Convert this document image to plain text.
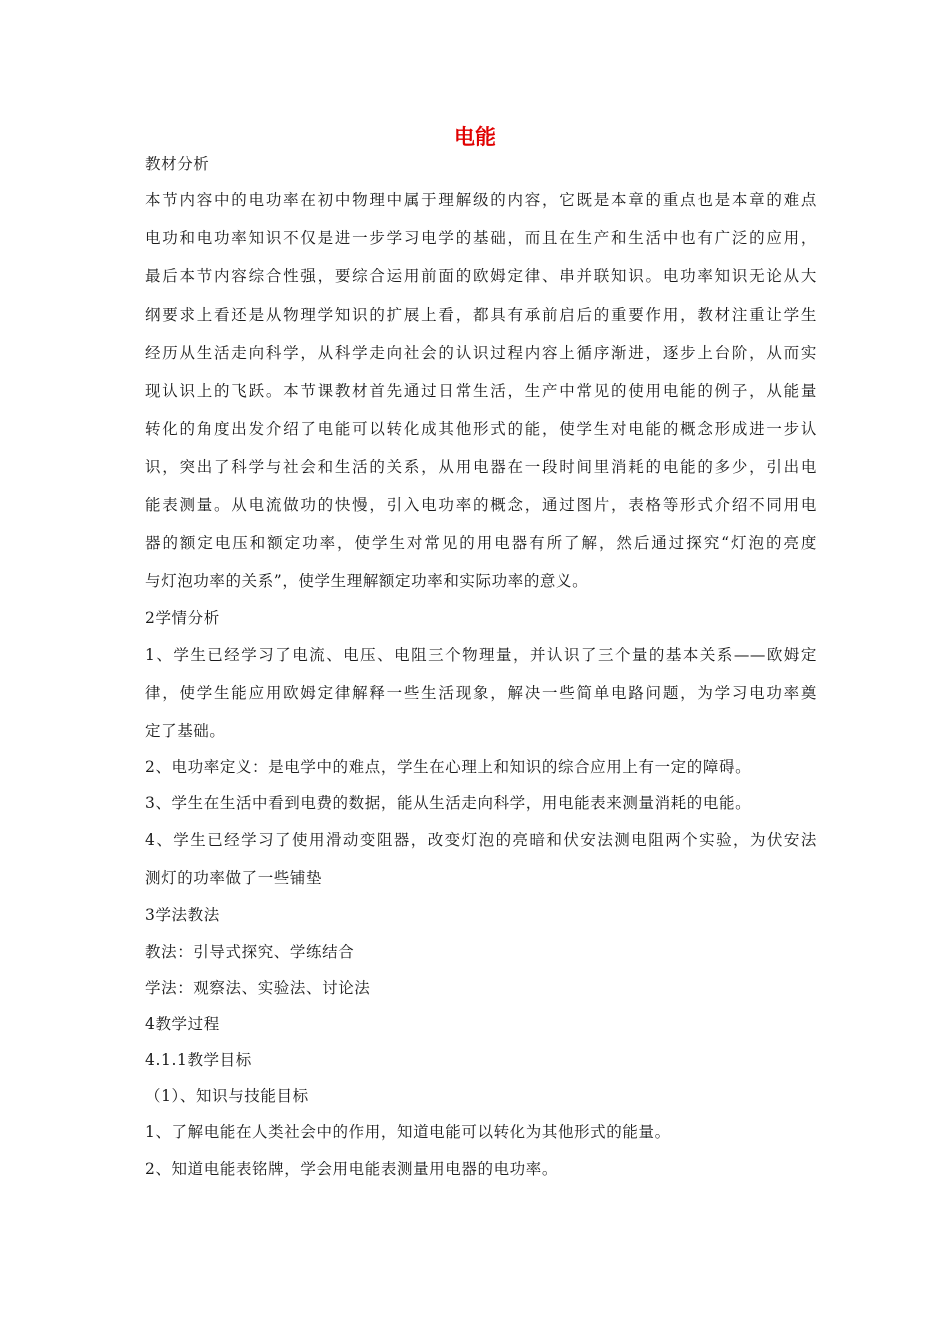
电能
教材分析
本节内容中的电功率在初中物理中属于理解级的内容，它既是本章的重点也是本章的难点
电功和电功率知识不仅是进一步学习电学的基础，而且在生产和生活中也有广泛的应用，
最后本节内容综合性强，要综合运用前面的欧姆定律、串并联知识。电功率知识无论从大
纲要求上看还是从物理学知识的扩展上看，都具有承前启后的重要作用，教材注重让学生
经历从生活走向科学，从科学走向社会的认识过程内容上循序渐进，逐步上台阶，从而实
现认识上的飞跃。本节课教材首先通过日常生活，生产中常见的使用电能的例子，从能量
转化的角度出发介绍了电能可以转化成其他形式的能，使学生对电能的概念形成进一步认
识，突出了科学与社会和生活的关系，从用电器在一段时间里消耗的电能的多少，引出电
能表测量。从电流做功的快慢，引入电功率的概念，通过图片，表格等形式介绍不同用电
器的额定电压和额定功率，使学生对常见的用电器有所了解，然后通过探究“灯泡的亮度
与灯泡功率的关系”，使学生理解额定功率和实际功率的意义。
2学情分析
1、学生已经学习了电流、电压、电阻三个物理量，并认识了三个量的基本关系——欧姆定
律，使学生能应用欧姆定律解释一些生活现象，解决一些简单电路问题，为学习电功率奠
定了基础。
2、电功率定义：是电学中的难点，学生在心理上和知识的综合应用上有一定的障碍。
3、学生在生活中看到电费的数据，能从生活走向科学，用电能表来测量消耗的电能。
4、学生已经学习了使用滑动变阻器，改变灯泡的亮暗和伏安法测电阻两个实验，为伏安法
测灯的功率做了一些铺垫
3学法教法
教法：引导式探究、学练结合
学法：观察法、实验法、讨论法
4教学过程
4.1.1教学目标
（1）、知识与技能目标
1、了解电能在人类社会中的作用，知道电能可以转化为其他形式的能量。
2、知道电能表铭牌，学会用电能表测量用电器的电功率。
